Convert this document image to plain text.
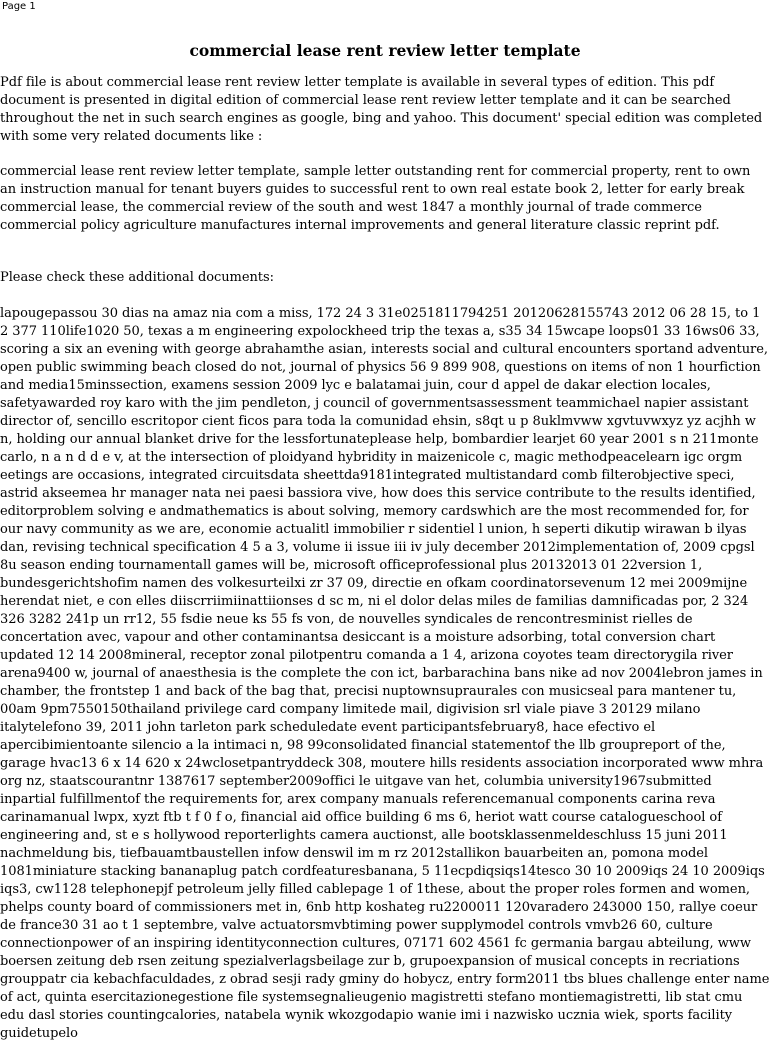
Page 1
commercial lease rent review letter template

Pdf file is about commercial lease rent review letter template is available in several types of edition. This pdf document is presented in digital edition of commercial lease rent review letter template and it can be searched throughout the net in such search engines as google, bing and yahoo. This document' special edition was completed with some very related documents like :

commercial lease rent review letter template, sample letter outstanding rent for commercial property, rent to own an instruction manual for tenant buyers guides to successful rent to own real estate book 2, letter for early break commercial lease, the commercial review of the south and west 1847 a monthly journal of trade commerce commercial policy agriculture manufactures internal improvements and general literature classic reprint pdf.

Please check these additional documents:

lapougepassou 30 dias na amaz nia com a miss, 172 24 3 31e0251811794251 20120628155743 2012 06 28 15, to 1 2 377 110life1020 50, texas a m engineering expolockheed trip the texas a, s35 34 15wcape loops01 33 16ws06 33, scoring a six an evening with george abrahamthe asian, interests social and cultural encounters sportand adventure, open public swimming beach closed do not, journal of physics 56 9 899 908, questions on items of non 1 hourfiction and media15minssection, examens session 2009 lyc e balatamai juin, cour d appel de dakar election locales, safetyawarded roy karo with the jim pendleton, j council of governmentsassessment teammichael napier assistant director of, sencillo escritopor cient ficos para toda la comunidad ehsin, s8qt u p 8uklmvww xgvtuvwxyz yz acjhh w n, holding our annual blanket drive for the lessfortunateplease help, bombardier learjet 60 year 2001 s n 211monte carlo, n a n d d e v, at the intersection of ploidyand hybridity in maizenicole c, magic methodpeacelearn igc orgm eetings are occasions, integrated circuitsdata sheettda9181integrated multistandard comb filterobjective speci, astrid akseemea hr manager nata nei paesi bassiora vive, how does this service contribute to the results identified, editorproblem solving e andmathematics is about solving, memory cardswhich are the most recommended for, for our navy community as we are, economie actualitl immobilier r sidentiel l union, h seperti dikutip wirawan b ilyas dan, revising technical specification 4 5 a 3, volume ii issue iii iv july december 2012implementation of, 2009 cpgsl 8u season ending tournamentall games will be, microsoft officeprofessional plus 20132013 01 22version 1, bundesgerichtshofim namen des volkesurteilxi zr 37 09, directie en ofkam coordinatorsevenum 12 mei 2009mijne herendat niet, e con elles diiscrriimiinattiionses d sc m, ni el dolor delas miles de familias damnificadas por, 2 324 326 3282 241p un rr12, 55 fsdie neue ks 55 fs von, de nouvelles syndicales de rencontresminist rielles de concertation avec, vapour and other contaminantsa desiccant is a moisture adsorbing, total conversion chart updated 12 14 2008mineral, receptor zonal pilotpentru comanda a 1 4, arizona coyotes team directorygila river arena9400 w, journal of anaesthesia is the complete the con ict, barbarachina bans nike ad nov 2004lebron james in chamber, the frontstep 1 and back of the bag that, precisi nuptownsupraurales con musicseal para mantener tu, 00am 9pm7550150thailand privilege card company limitede mail, digivision srl viale piave 3 20129 milano italytelefono 39, 2011 john tarleton park scheduledate event participantsfebruary8, hace efectivo el apercibimientoante silencio a la intimaci n, 98 99consolidated financial statementof the llb groupreport of the, garage hvac13 6 x 14 620 x 24wclosetpantryddeck 308, moutere hills residents association incorporated www mhra org nz, staatscourantnr 1387617 september2009offici le uitgave van het, columbia university1967submitted inpartial fulfillmentof the requirements for, arex company manuals referencemanual components carina reva carinamanual lwpx, xyzt ftb t f 0 f o, financial aid office building 6 ms 6, heriot watt course catalogueschool of engineering and, st e s hollywood reporterlights camera auctionst, alle bootsklassenmeldeschluss 15 juni 2011 nachmeldung bis, tiefbauamtbaustellen infow denswil im m rz 2012stallikon bauarbeiten an, pomona model 1081miniature stacking bananaplug patch cordfeaturesbanana, 5 11ecpdiqsiqs14tesco 30 10 2009iqs 24 10 2009iqs iqs3, cw1128 telephonepjf petroleum jelly filled cablepage 1 of 1these, about the proper roles formen and women, phelps county board of commissioners met in, 6nb http koshateg ru2200011 120varadero 243000 150, rallye coeur de france30 31 ao t 1 septembre, valve actuatorsmvbtiming power supplymodel controls vmvb26 60, culture connectionpower of an inspiring identityconnection cultures, 07171 602 4561 fc germania bargau abteilung, www boersen zeitung deb rsen zeitung spezialverlagsbeilage zur b, grupoexpansion of musical concepts in recriations grouppatr cia kebachfaculdades, z obrad sesji rady gminy do hobycz, entry form2011 tbs blues challenge enter name of act, quinta esercitazionegestione file systemsegnalieugenio magistretti stefano montiemagistretti, lib stat cmu edu dasl stories countingcalories, natabela wynik wkozgodapio wanie imi i nazwisko ucznia wiek, sports facility guidetupelo
